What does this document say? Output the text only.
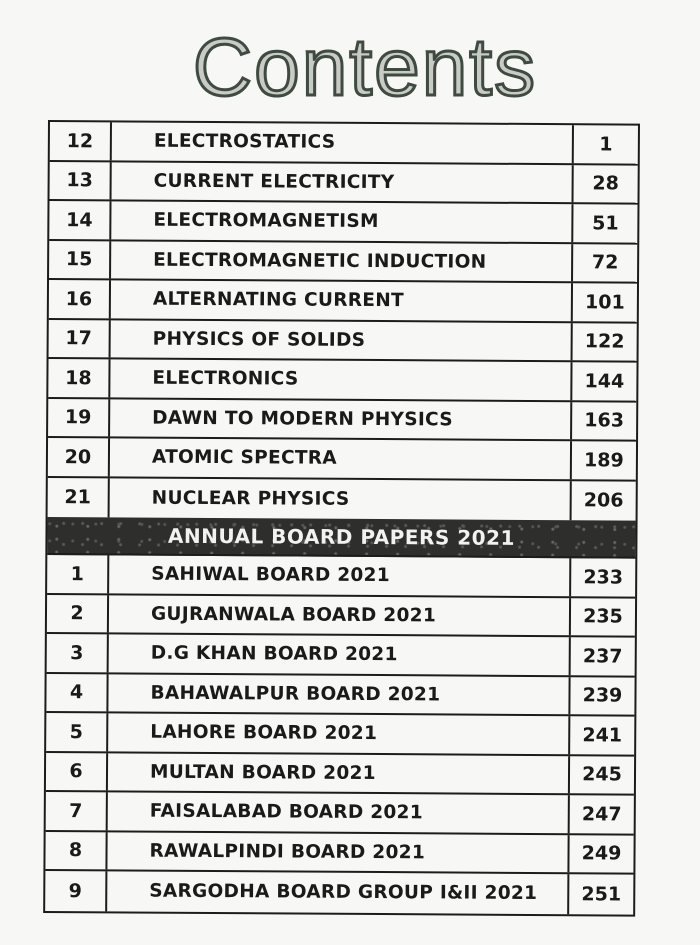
Contents
12	ELECTROSTATICS	1
13	CURRENT ELECTRICITY	28
14	ELECTROMAGNETISM	51
15	ELECTROMAGNETIC INDUCTION	72
16	ALTERNATING CURRENT	101
17	PHYSICS OF SOLIDS	122
18	ELECTRONICS	144
19	DAWN TO MODERN PHYSICS	163
20	ATOMIC SPECTRA	189
21	NUCLEAR PHYSICS	206
ANNUAL BOARD PAPERS 2021
1	SAHIWAL BOARD 2021	233
2	GUJRANWALA BOARD 2021	235
3	D.G KHAN BOARD 2021	237
4	BAHAWALPUR BOARD 2021	239
5	LAHORE BOARD 2021	241
6	MULTAN BOARD 2021	245
7	FAISALABAD BOARD 2021	247
8	RAWALPINDI BOARD 2021	249
9	SARGODHA BOARD GROUP I&II 2021	251
